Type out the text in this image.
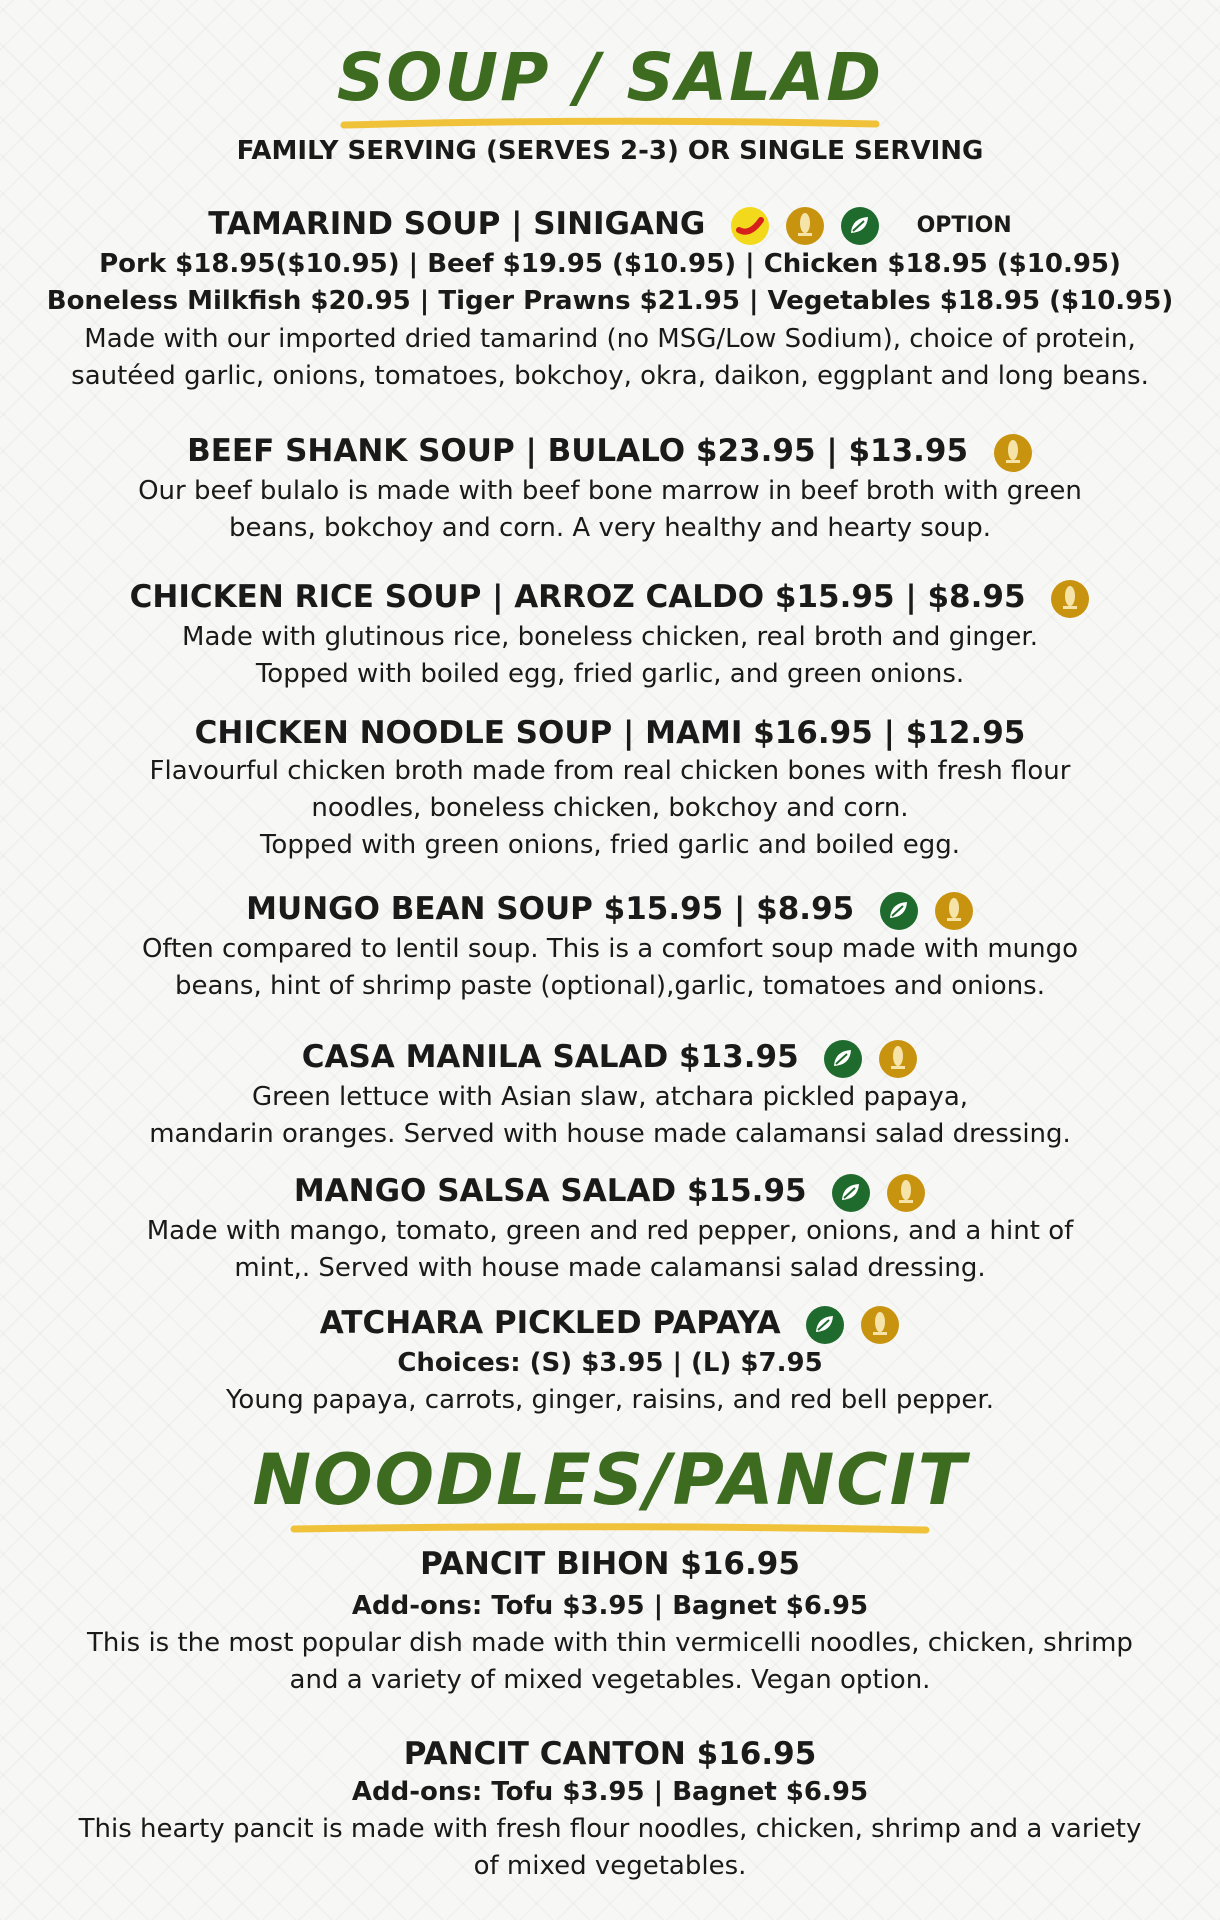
SOUP / SALAD

FAMILY SERVING (SERVES 2-3) OR SINGLE SERVING

TAMARIND SOUP | SINIGANG

	OPTION

Pork $18.95($10.95) | Beef $19.95 ($10.95) | Chicken $18.95 ($10.95)

Boneless Milkfish $20.95 | Tiger Prawns $21.95 | Vegetables $18.95 ($10.95)

Made with our imported dried tamarind (no MSG/Low Sodium), choice of protein,

sautéed garlic, onions, tomatoes, bokchoy, okra, daikon, eggplant and long beans.

BEEF SHANK SOUP | BULALO $23.95 | $13.95

Our beef bulalo is made with beef bone marrow in beef broth with green

beans, bokchoy and corn. A very healthy and hearty soup.

CHICKEN RICE SOUP | ARROZ CALDO $15.95 | $8.95

Made with glutinous rice, boneless chicken, real broth and ginger.

Topped with boiled egg, fried garlic, and green onions.

CHICKEN NOODLE SOUP | MAMI $16.95 | $12.95

Flavourful chicken broth made from real chicken bones with fresh flour

noodles, boneless chicken, bokchoy and corn.

Topped with green onions, fried garlic and boiled egg.

MUNGO BEAN SOUP $15.95 | $8.95

Often compared to lentil soup. This is a comfort soup made with mungo

beans, hint of shrimp paste (optional),garlic, tomatoes and onions.

CASA MANILA SALAD $13.95

Green lettuce with Asian slaw, atchara pickled papaya,

mandarin oranges. Served with house made calamansi salad dressing.

MANGO SALSA SALAD $15.95

Made with mango, tomato, green and red pepper, onions, and a hint of

mint,. Served with house made calamansi salad dressing.

ATCHARA PICKLED PAPAYA

Choices: (S) $3.95 | (L) $7.95

Young papaya, carrots, ginger, raisins, and red bell pepper.

NOODLES/PANCIT

PANCIT BIHON $16.95

Add-ons: Tofu $3.95 | Bagnet $6.95

This is the most popular dish made with thin vermicelli noodles, chicken, shrimp

and a variety of mixed vegetables. Vegan option.

PANCIT CANTON $16.95

Add-ons: Tofu $3.95 | Bagnet $6.95

This hearty pancit is made with fresh flour noodles, chicken, shrimp and a variety

of mixed vegetables.
